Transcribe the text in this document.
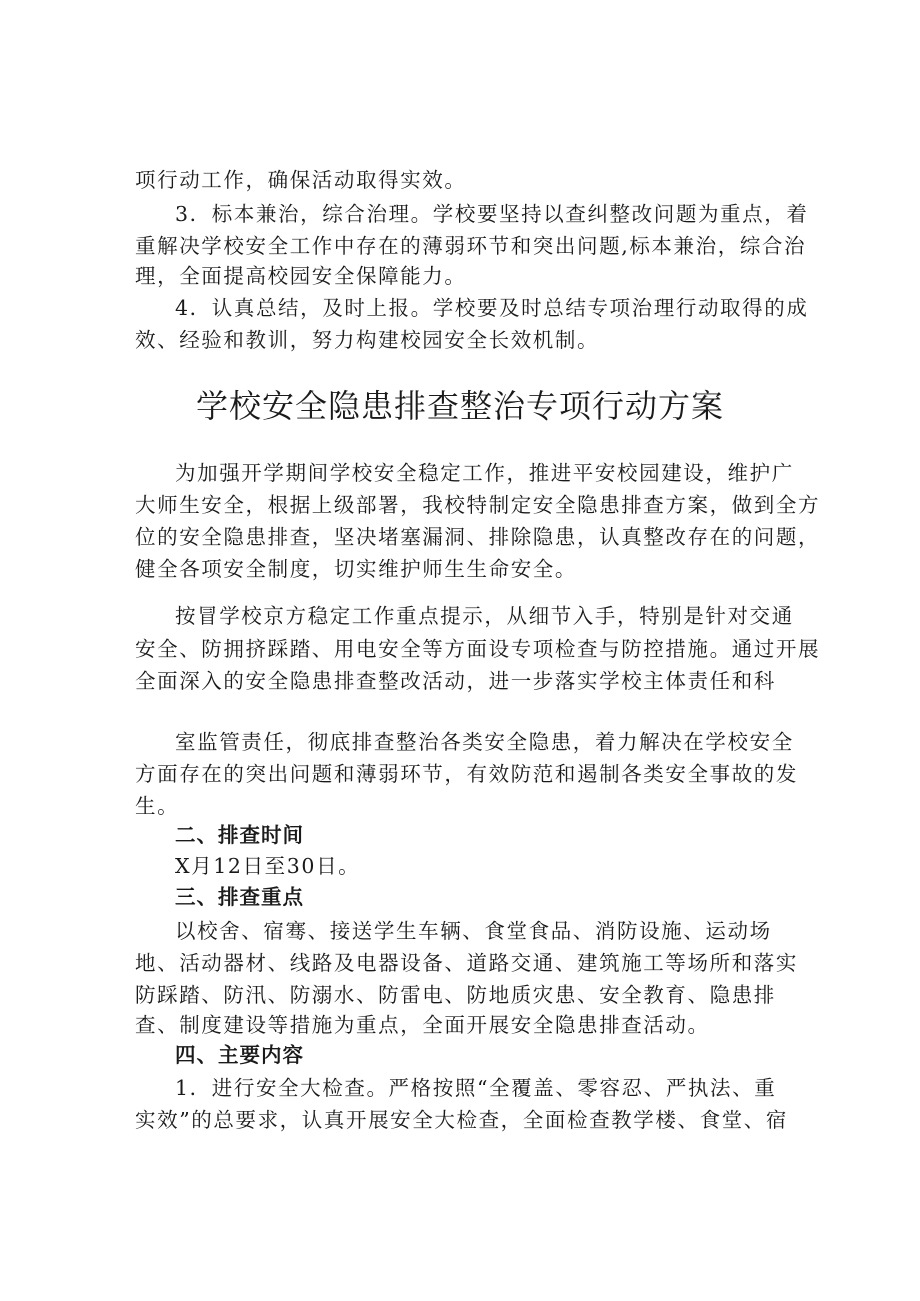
项行动工作，确保活动取得实效。
3．标本兼治，综合治理。学校要坚持以查纠整改问题为重点，着
重解决学校安全工作中存在的薄弱环节和突出问题,标本兼治，综合治
理，全面提高校园安全保障能力。
4．认真总结，及时上报。学校要及时总结专项治理行动取得的成
效、经验和教训，努力构建校园安全长效机制。
学校安全隐患排查整治专项行动方案
为加强开学期间学校安全稳定工作，推进平安校园建设，维护广
大师生安全，根据上级部署，我校特制定安全隐患排查方案，做到全方
位的安全隐患排查，坚决堵塞漏洞、排除隐患，认真整改存在的问题，
健全各项安全制度，切实维护师生生命安全。
按冒学校京方稳定工作重点提示，从细节入手，特别是针对交通
安全、防拥挤踩踏、用电安全等方面设专项检查与防控措施。通过开展
全面深入的安全隐患排查整改活动，进一步落实学校主体责任和科
室监管责任，彻底排查整治各类安全隐患，着力解决在学校安全
方面存在的突出问题和薄弱环节，有效防范和遏制各类安全事故的发
生。
二、排查时间
X月12日至30日。
三、排查重点
以校舍、宿骞、接送学生车辆、食堂食品、消防设施、运动场
地、活动器材、线路及电器设备、道路交通、建筑施工等场所和落实
防踩踏、防汛、防溺水、防雷电、防地质灾患、安全教育、隐患排
查、制度建设等措施为重点，全面开展安全隐患排查活动。
四、主要内容
1．进行安全大检查。严格按照“全覆盖、零容忍、严执法、重
实效”的总要求，认真开展安全大检查，全面检查教学楼、食堂、宿
